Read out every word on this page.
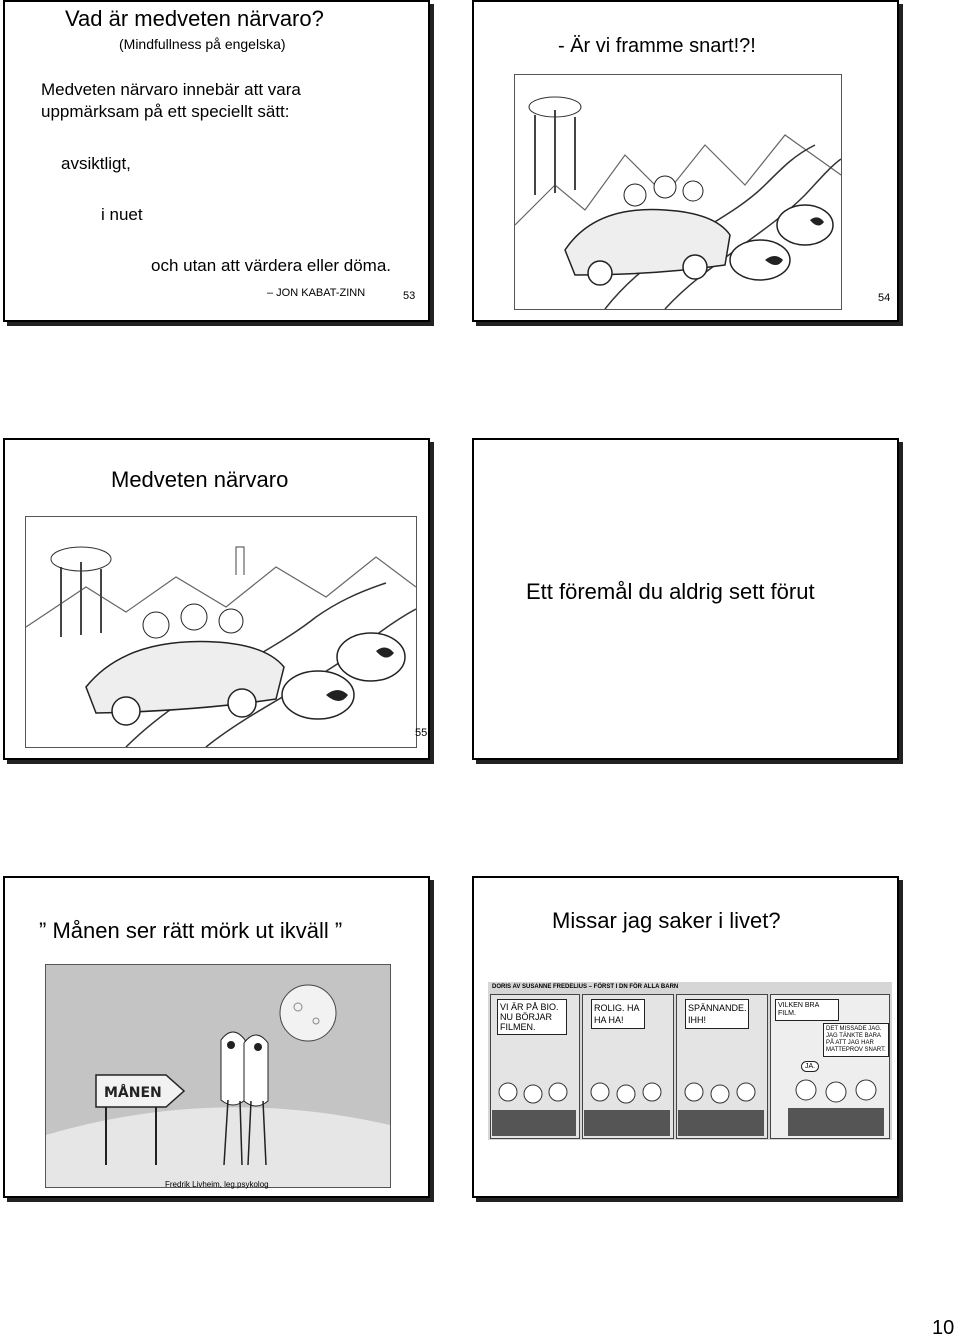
Vad är medveten närvaro?
(Mindfullness på engelska)
Medveten närvaro innebär att vara
uppmärksam på ett speciellt sätt:
avsiktligt,
i nuet
och utan att värdera eller döma.
– JON KABAT-ZINN	53
- Är vi framme snart!?!
54
Medveten närvaro
55
Ett föremål du aldrig sett förut
” Månen ser rätt mörk ut ikväll ”
MÅNEN
Fredrik Livheim, leg.psykolog
Missar jag saker i livet?
DORIS AV SUSANNE FREDELIUS – FÖRST I DN FÖR ALLA BARN
VI ÄR PÅ BIO. NU BÖRJAR FILMEN.
ROLIG. HA HA HA!
SPÄNNANDE. IHH!
VILKEN BRA FILM.
DET MISSADE JAG. JAG TÄNKTE BARA PÅ ATT JAG HAR MATTEPROV SNART.
JA.
10
